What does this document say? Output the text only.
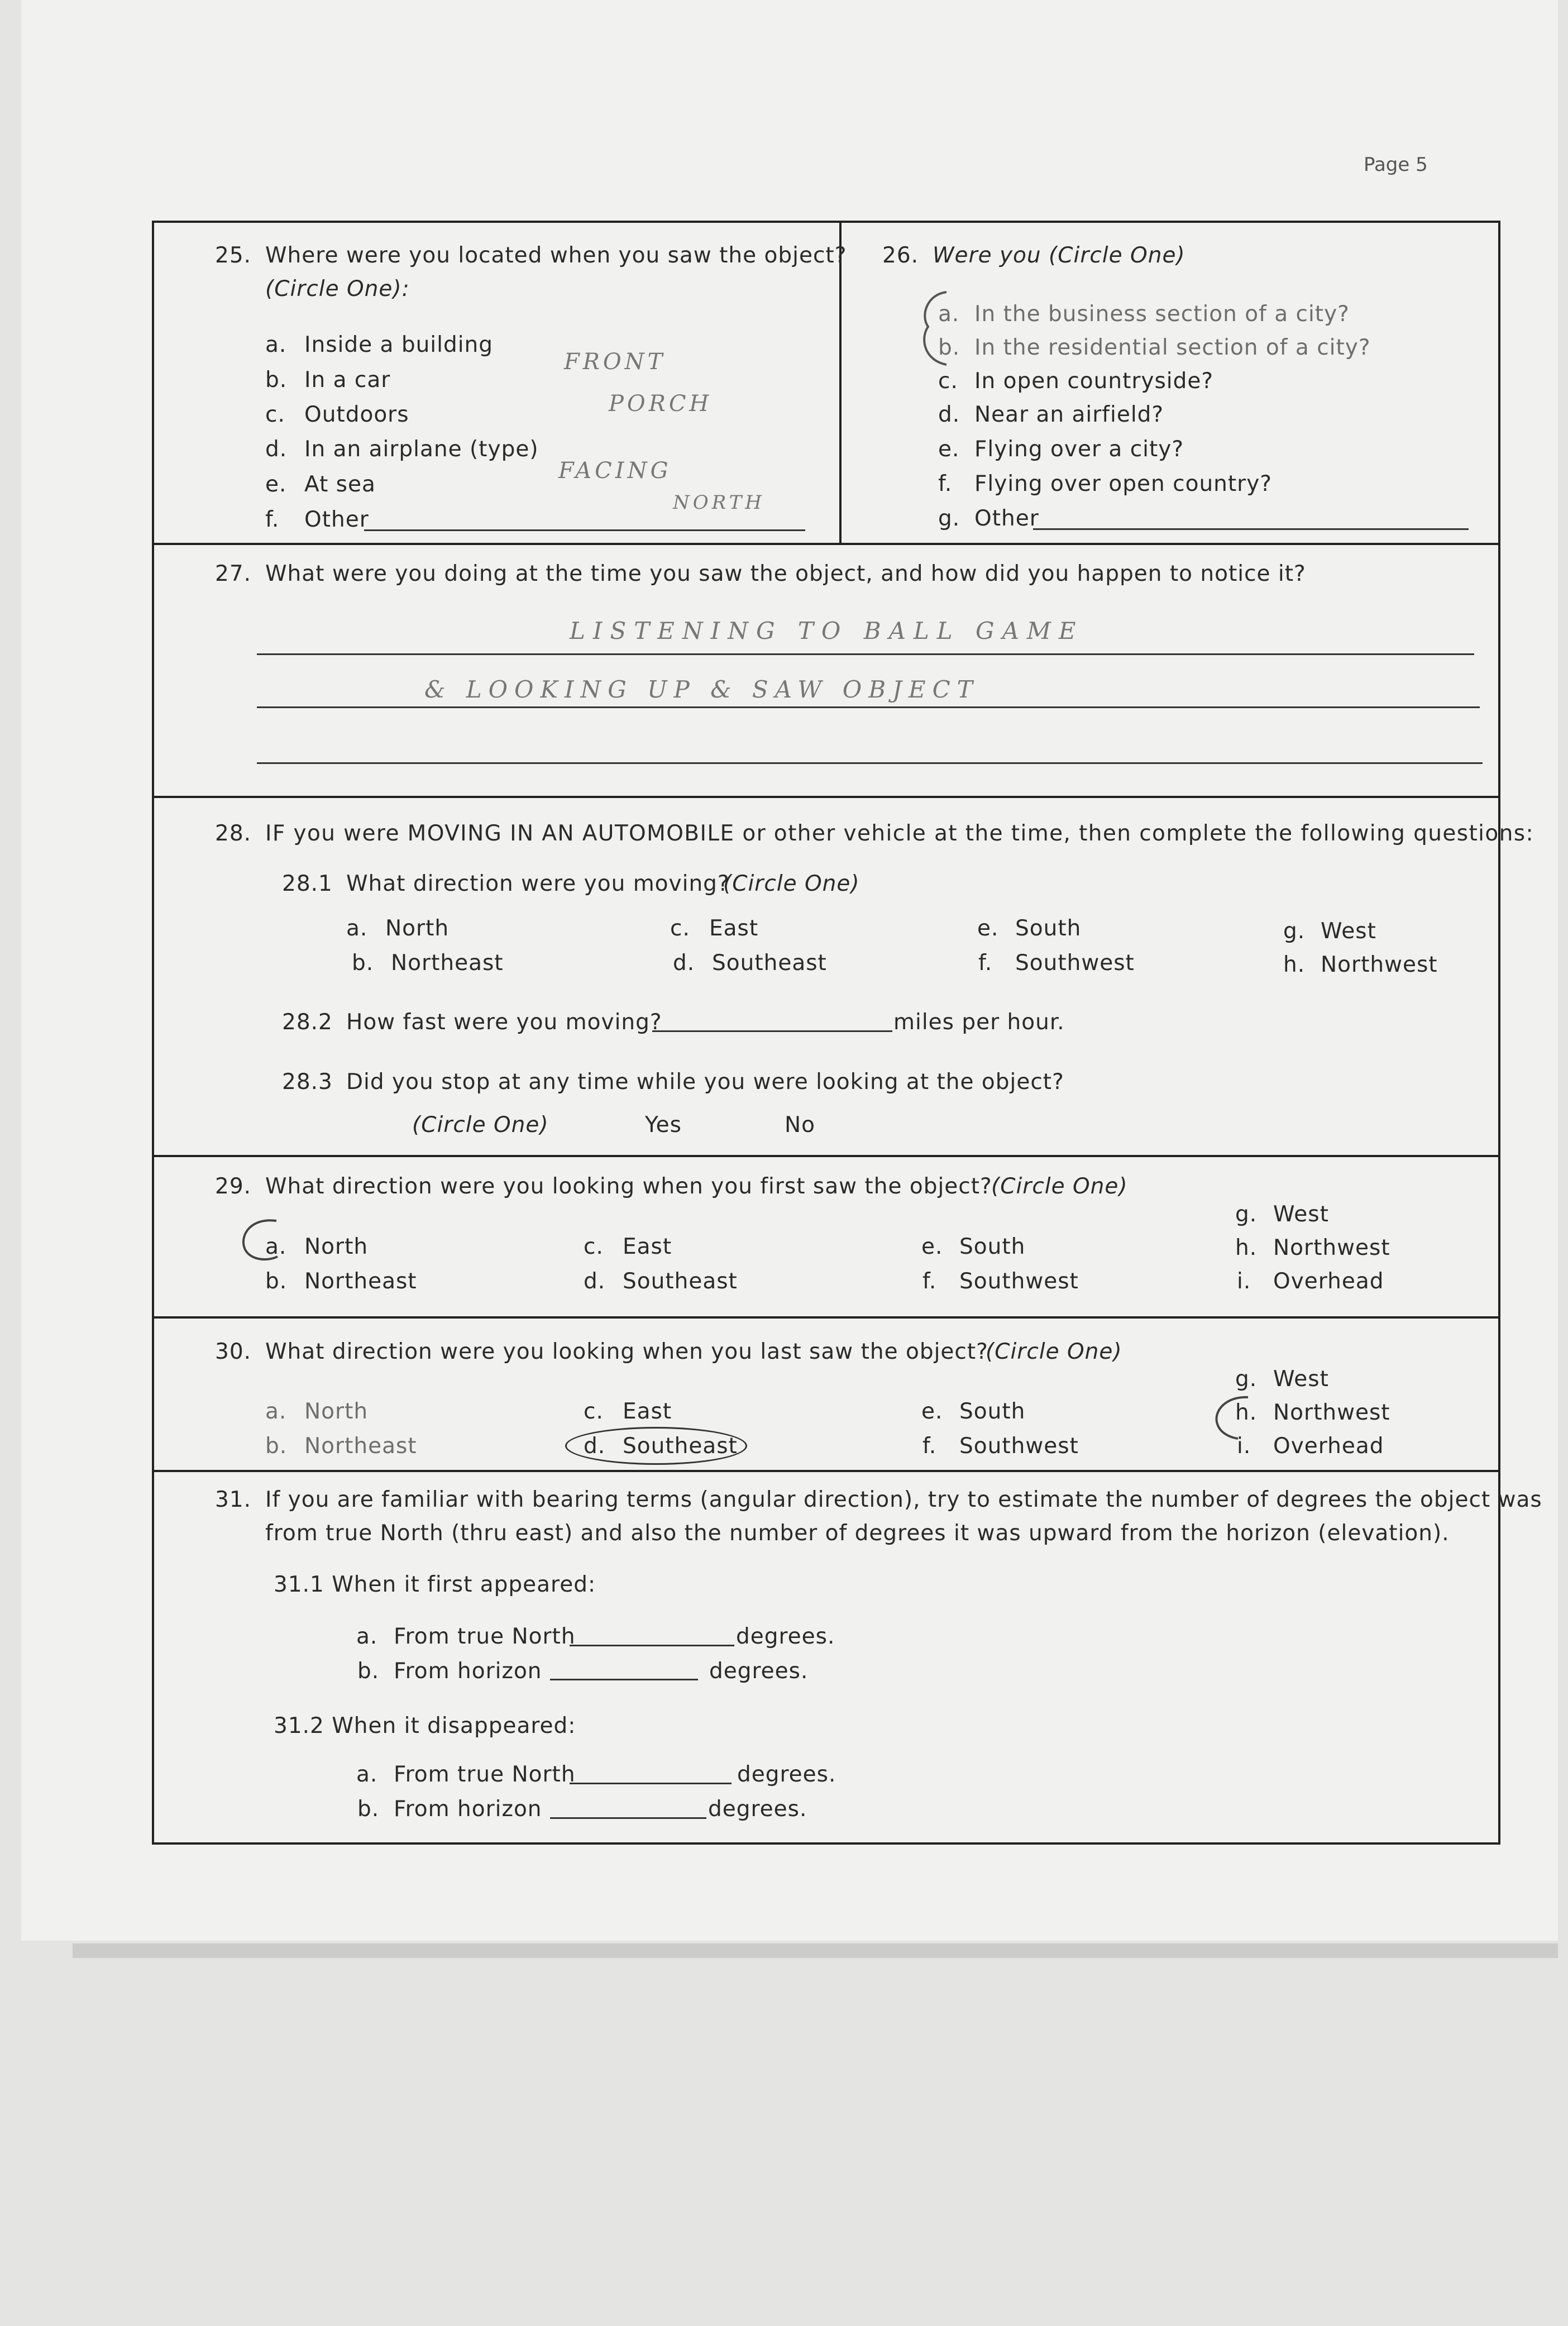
Page 5
25. Where were you located when you saw the object?
(Circle One):
a. Inside a building
b. In a car
c. Outdoors
d. In an airplane (type)
e. At sea
f. Other
FRONT
PORCH
FACING
NORTH
26. Were you (Circle One)
a. In the business section of a city?
b. In the residential section of a city?
c. In open countryside?
d. Near an airfield?
e. Flying over a city?
f. Flying over open country?
g. Other
27. What were you doing at the time you saw the object, and how did you happen to notice it?
LISTENING TO BALL GAME
& LOOKING UP & SAW OBJECT
28. IF you were MOVING IN AN AUTOMOBILE or other vehicle at the time, then complete the following questions:
28.1 What direction were you moving?
(Circle One)
a. North
b. Northeast
c. East
d. Southeast
e. South
f. Southwest
g. West
h. Northwest
28.2 How fast were you moving?	miles per hour.
28.3 Did you stop at any time while you were looking at the object?
(Circle One)	Yes	No
29. What direction were you looking when you first saw the object?
(Circle One)
a. North
b. Northeast
c. East
d. Southeast
e. South
f. Southwest
g. West
h. Northwest
i. Overhead
30. What direction were you looking when you last saw the object?
(Circle One)
a. North
b. Northeast
c. East
d. Southeast
e. South
f. Southwest
g. West
h. Northwest
i. Overhead
31. If you are familiar with bearing terms (angular direction), try to estimate the number of degrees the object was
from true North (thru east) and also the number of degrees it was upward from the horizon (elevation).
31.1 When it first appeared:
a. From true North	degrees.
b. From horizon	degrees.
31.2 When it disappeared:
a. From true North	degrees.
b. From horizon	degrees.
